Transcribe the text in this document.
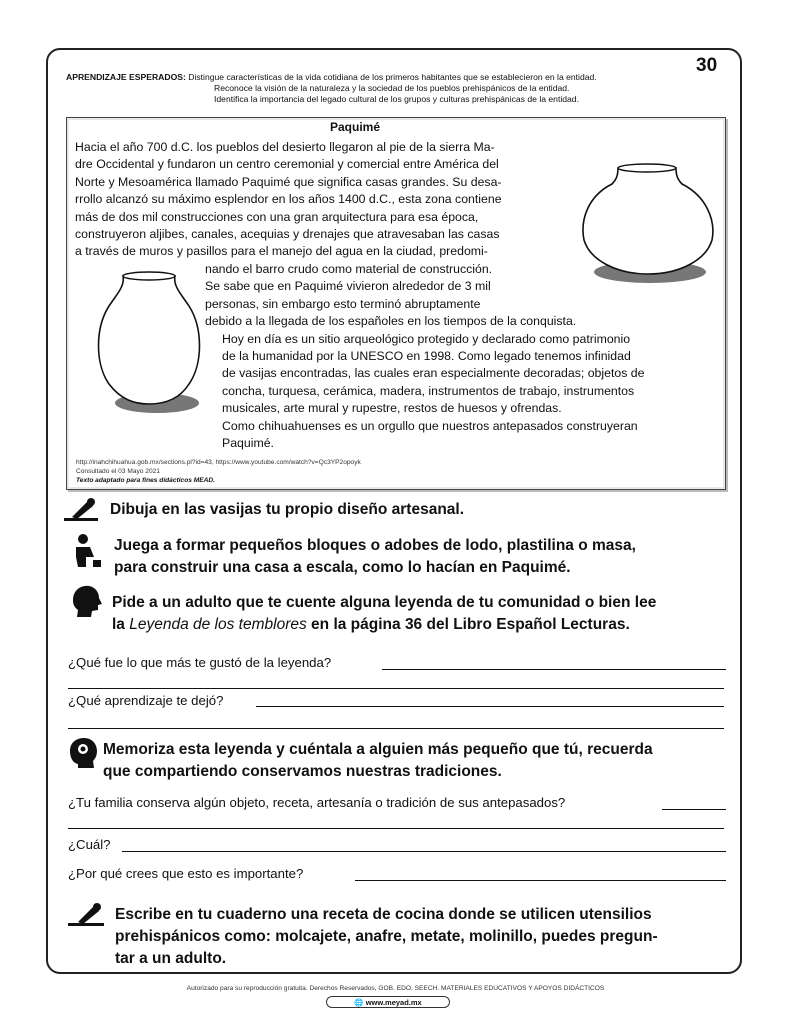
30
APRENDIZAJE ESPERADOS: Distingue características de la vida cotidiana de los primeros habitantes que se establecieron en la entidad.
Reconoce la visión de la naturaleza y la sociedad de los pueblos prehispánicos de la entidad.
Identifica la importancia del legado cultural de los grupos y culturas prehispánicas de la entidad.
Paquimé
Hacia el año 700 d.C. los pueblos del desierto llegaron al pie de la sierra Ma-
dre Occidental y fundaron un centro ceremonial y comercial entre América del
Norte y Mesoamérica llamado Paquimé que significa casas grandes. Su desa-
rrollo alcanzó su máximo esplendor en los años 1400 d.C., esta zona contiene
más de dos mil construcciones con una gran arquitectura para esa época,
construyeron aljibes, canales, acequias y drenajes que atravesaban las casas
a través de muros y pasillos para el manejo del agua en la ciudad, predomi-
nando el barro crudo como material de construcción.
Se sabe que en Paquimé vivieron alrededor de 3 mil
personas, sin embargo esto terminó abruptamente
debido a la llegada de los españoles en los tiempos de la conquista.
Hoy en día es un sitio arqueológico protegido y declarado como patrimonio
de la humanidad por la UNESCO en 1998. Como legado tenemos infinidad
de vasijas encontradas, las cuales eran especialmente decoradas; objetos de
concha, turquesa, cerámica, madera, instrumentos de trabajo, instrumentos
musicales, arte mural y rupestre, restos de huesos y ofrendas.
Como chihuahuenses es un orgullo que nuestros antepasados construyeran
Paquimé.
http://inahchihuahua.gob.mx/sections.pl?id=43, https://www.youtube.com/watch?v=Qc3YP2opoyk
Consultado el 03 Mayo 2021
Texto adaptado para fines didácticos MEAD.
Dibuja en las vasijas tu propio diseño artesanal.
Juega a formar pequeños bloques o adobes de lodo, plastilina o masa,
para construir una casa a escala, como lo hacían en Paquimé.
Pide a un adulto que te cuente alguna leyenda de tu comunidad o bien lee
la Leyenda de los temblores en la página 36 del Libro Español Lecturas.
¿Qué fue lo que más te gustó de la leyenda?
¿Qué aprendizaje te dejó?
Memoriza esta leyenda y cuéntala a alguien más pequeño que tú, recuerda
que compartiendo conservamos nuestras tradiciones.
¿Tu familia conserva algún objeto, receta, artesanía o tradición de sus antepasados?
¿Cuál?
¿Por qué crees que esto es importante?
Escribe en tu cuaderno una receta de cocina donde se utilicen utensilios
prehispánicos como: molcajete, anafre, metate, molinillo, puedes pregun-
tar a un adulto.
Autorizado para su reproducción gratuita. Derechos Reservados, GOB. EDO. SEECH. MATERIALES EDUCATIVOS Y APOYOS DIDÁCTICOS
🌐 www.meyad.mx
